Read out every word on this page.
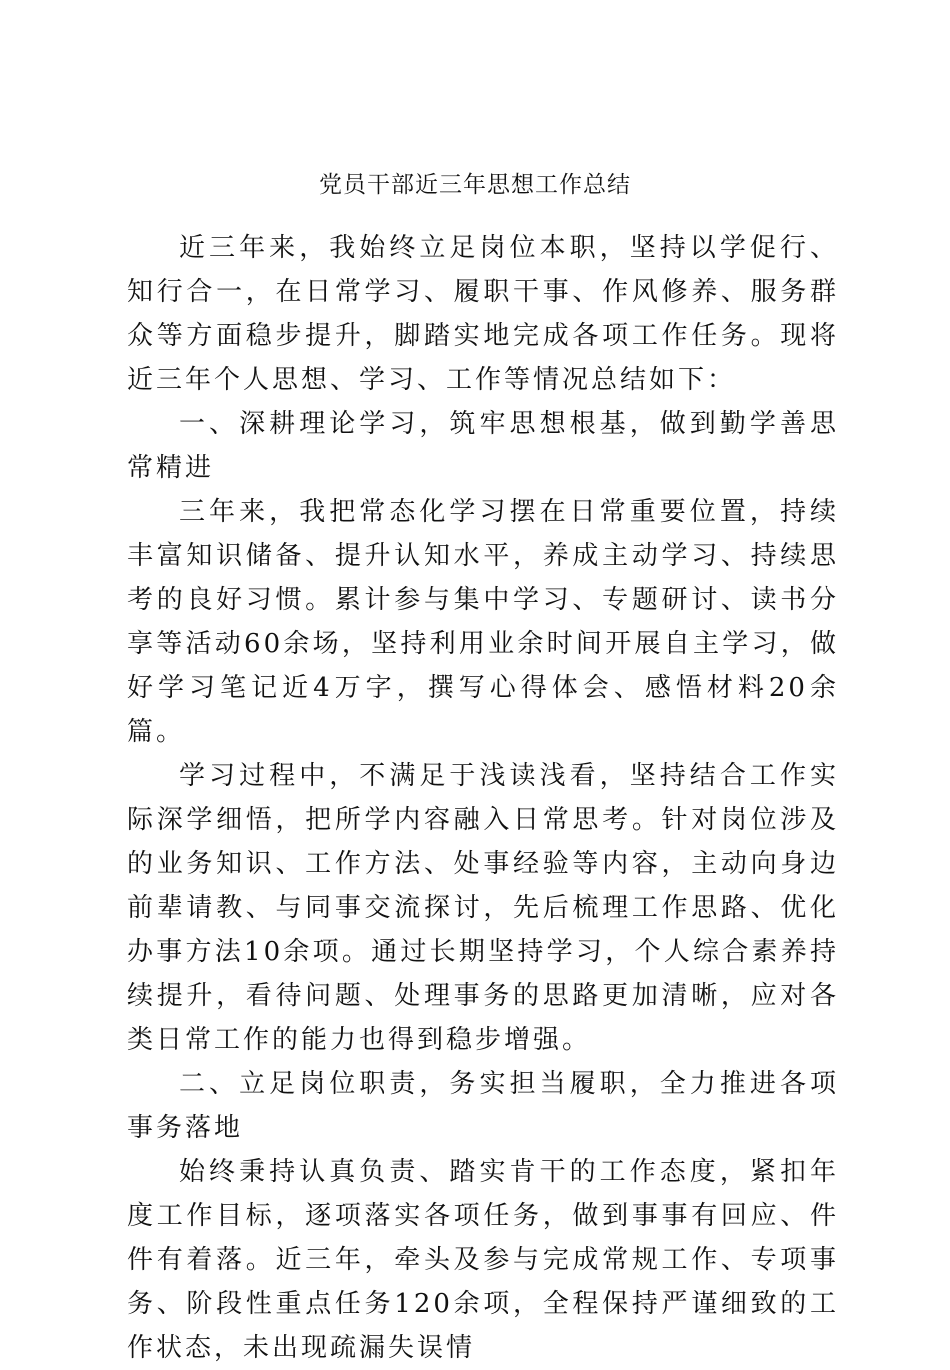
党员干部近三年思想工作总结

近三年来，我始终立足岗位本职，坚持以学促行、知行合一，在日常学习、履职干事、作风修养、服务群众等方面稳步提升，脚踏实地完成各项工作任务。现将近三年个人思想、学习、工作等情况总结如下：

一、深耕理论学习，筑牢思想根基，做到勤学善思常精进

三年来，我把常态化学习摆在日常重要位置，持续丰富知识储备、提升认知水平，养成主动学习、持续思考的良好习惯。累计参与集中学习、专题研讨、读书分享等活动60余场，坚持利用业余时间开展自主学习，做好学习笔记近4万字，撰写心得体会、感悟材料20余篇。

学习过程中，不满足于浅读浅看，坚持结合工作实际深学细悟，把所学内容融入日常思考。针对岗位涉及的业务知识、工作方法、处事经验等内容，主动向身边前辈请教、与同事交流探讨，先后梳理工作思路、优化办事方法10余项。通过长期坚持学习，个人综合素养持续提升，看待问题、处理事务的思路更加清晰，应对各类日常工作的能力也得到稳步增强。

二、立足岗位职责，务实担当履职，全力推进各项事务落地

始终秉持认真负责、踏实肯干的工作态度，紧扣年度工作目标，逐项落实各项任务，做到事事有回应、件件有着落。近三年，牵头及参与完成常规工作、专项事务、阶段性重点任务120余项，全程保持严谨细致的工作状态，未出现疏漏失误情
